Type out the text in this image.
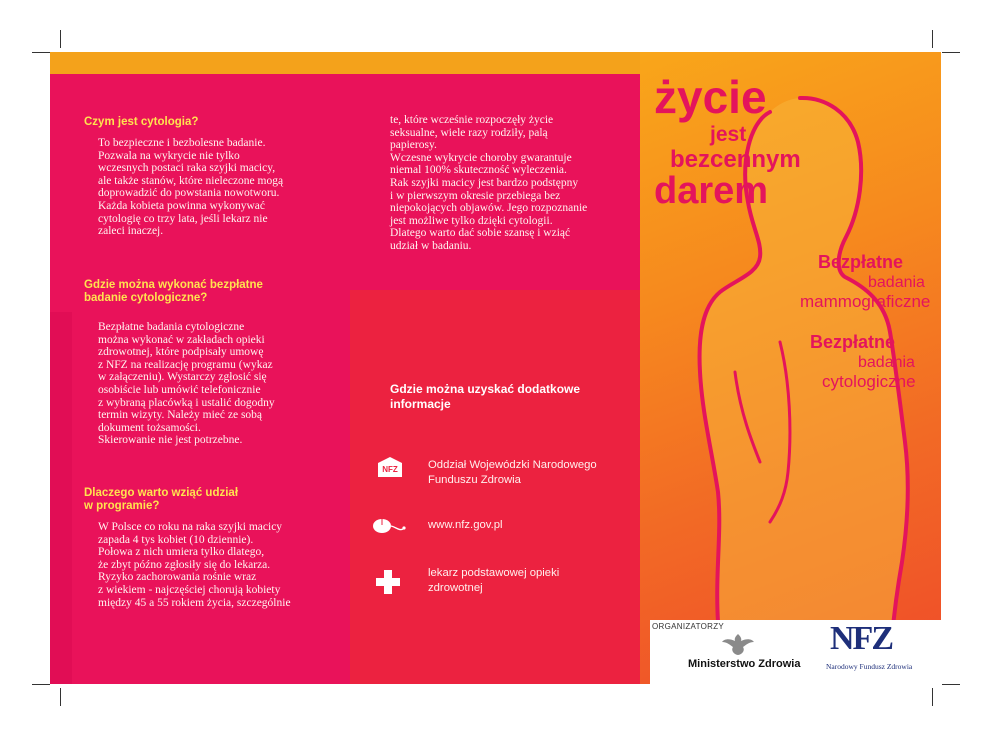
życie
jest
bezcennym
darem
Bezpłatne
badania
mammograficzne
Bezpłatne
badania
cytologiczne
Czym jest cytologia?
To bezpieczne i bezbolesne badanie.
Pozwala na wykrycie nie tylko
wczesnych postaci raka szyjki macicy,
ale także stanów, które nieleczone mogą
doprowadzić do powstania nowotworu.
Każda kobieta powinna wykonywać
cytologię co trzy lata, jeśli lekarz nie
zaleci inaczej.
Gdzie można wykonać bezpłatne
badanie cytologiczne?
Bezpłatne badania cytologiczne
można wykonać w zakładach opieki
zdrowotnej, które podpisały umowę
z NFZ na realizację programu (wykaz
w załączeniu). Wystarczy zgłosić się
osobiście lub umówić telefonicznie
z wybraną placówką i ustalić dogodny
termin wizyty. Należy mieć ze sobą
dokument tożsamości.
Skierowanie nie jest potrzebne.
Dlaczego warto wziąć udział
w programie?
W Polsce co roku na raka szyjki macicy
zapada 4 tys kobiet (10 dziennie).
Połowa z nich umiera tylko dlatego,
że zbyt późno zgłosiły się do lekarza.
Ryzyko zachorowania rośnie wraz
z wiekiem - najczęściej chorują kobiety
między 45 a 55 rokiem życia, szczególnie
te, które wcześnie rozpoczęły życie
seksualne, wiele razy rodziły, palą
papierosy.
Wczesne wykrycie choroby gwarantuje
niemal 100% skuteczność wyleczenia.
Rak szyjki macicy jest bardzo podstępny
i w pierwszym okresie przebiega bez
niepokojących objawów. Jego rozpoznanie
jest możliwe tylko dzięki cytologii.
Dlatego warto dać sobie szansę i wziąć
udział w badaniu.
Gdzie można uzyskać dodatkowe
informacje
NFZ	Oddział Wojewódzki Narodowego
Funduszu Zdrowia
www.nfz.gov.pl
lekarz podstawowej opieki
zdrowotnej
ORGANIZATORZY
Ministerstwo Zdrowia
NFZ
Narodowy Fundusz Zdrowia
